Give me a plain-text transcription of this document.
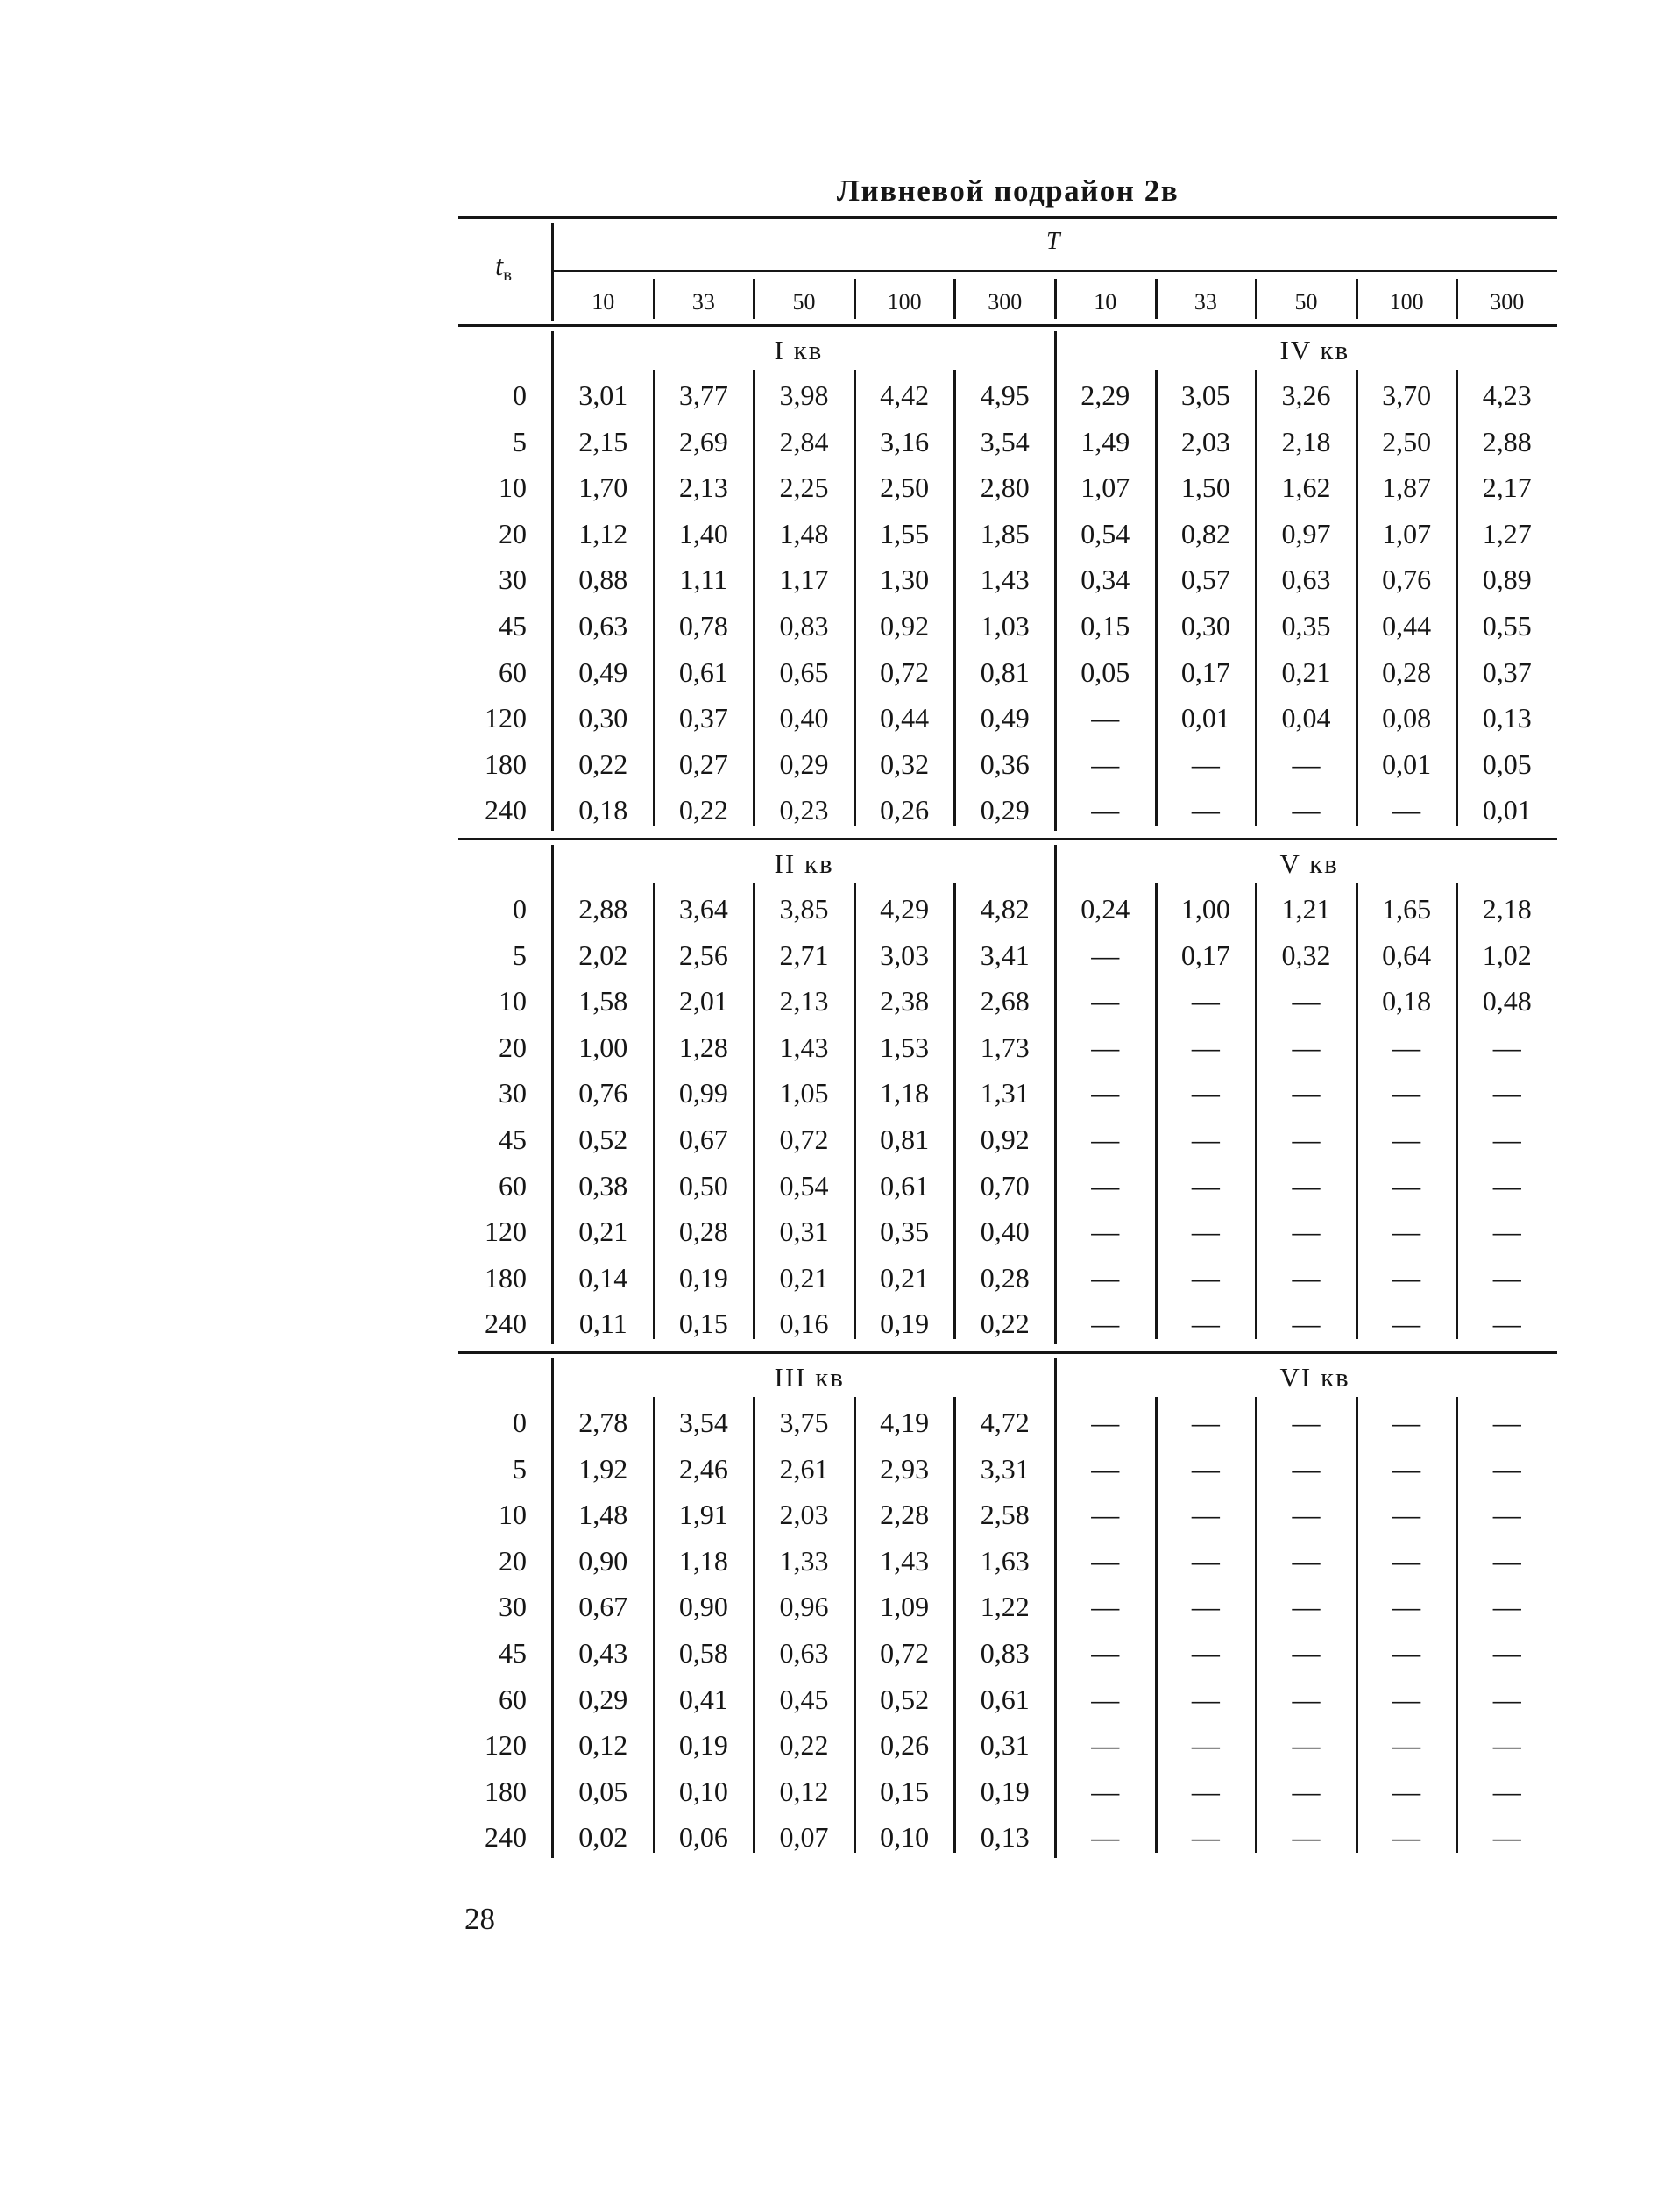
Ливневой подрайон 2в
$t_в$
T
10	33	50	100	300	10	33	50	100	300
I кв	IV кв
0	3,01	3,77	3,98	4,42	4,95	2,29	3,05	3,26	3,70	4,23
5	2,15	2,69	2,84	3,16	3,54	1,49	2,03	2,18	2,50	2,88
10	1,70	2,13	2,25	2,50	2,80	1,07	1,50	1,62	1,87	2,17
20	1,12	1,40	1,48	1,55	1,85	0,54	0,82	0,97	1,07	1,27
30	0,88	1,11	1,17	1,30	1,43	0,34	0,57	0,63	0,76	0,89
45	0,63	0,78	0,83	0,92	1,03	0,15	0,30	0,35	0,44	0,55
60	0,49	0,61	0,65	0,72	0,81	0,05	0,17	0,21	0,28	0,37
120	0,30	0,37	0,40	0,44	0,49	—	0,01	0,04	0,08	0,13
180	0,22	0,27	0,29	0,32	0,36	—	—	—	0,01	0,05
240	0,18	0,22	0,23	0,26	0,29	—	—	—	—	0,01
II кв	V кв
0	2,88	3,64	3,85	4,29	4,82	0,24	1,00	1,21	1,65	2,18
5	2,02	2,56	2,71	3,03	3,41	—	0,17	0,32	0,64	1,02
10	1,58	2,01	2,13	2,38	2,68	—	—	—	0,18	0,48
20	1,00	1,28	1,43	1,53	1,73	—	—	—	—	—
30	0,76	0,99	1,05	1,18	1,31	—	—	—	—	—
45	0,52	0,67	0,72	0,81	0,92	—	—	—	—	—
60	0,38	0,50	0,54	0,61	0,70	—	—	—	—	—
120	0,21	0,28	0,31	0,35	0,40	—	—	—	—	—
180	0,14	0,19	0,21	0,21	0,28	—	—	—	—	—
240	0,11	0,15	0,16	0,19	0,22	—	—	—	—	—
III кв	VI кв
0	2,78	3,54	3,75	4,19	4,72	—	—	—	—	—
5	1,92	2,46	2,61	2,93	3,31	—	—	—	—	—
10	1,48	1,91	2,03	2,28	2,58	—	—	—	—	—
20	0,90	1,18	1,33	1,43	1,63	—	—	—	—	—
30	0,67	0,90	0,96	1,09	1,22	—	—	—	—	—
45	0,43	0,58	0,63	0,72	0,83	—	—	—	—	—
60	0,29	0,41	0,45	0,52	0,61	—	—	—	—	—
120	0,12	0,19	0,22	0,26	0,31	—	—	—	—	—
180	0,05	0,10	0,12	0,15	0,19	—	—	—	—	—
240	0,02	0,06	0,07	0,10	0,13	—	—	—	—	—
28
